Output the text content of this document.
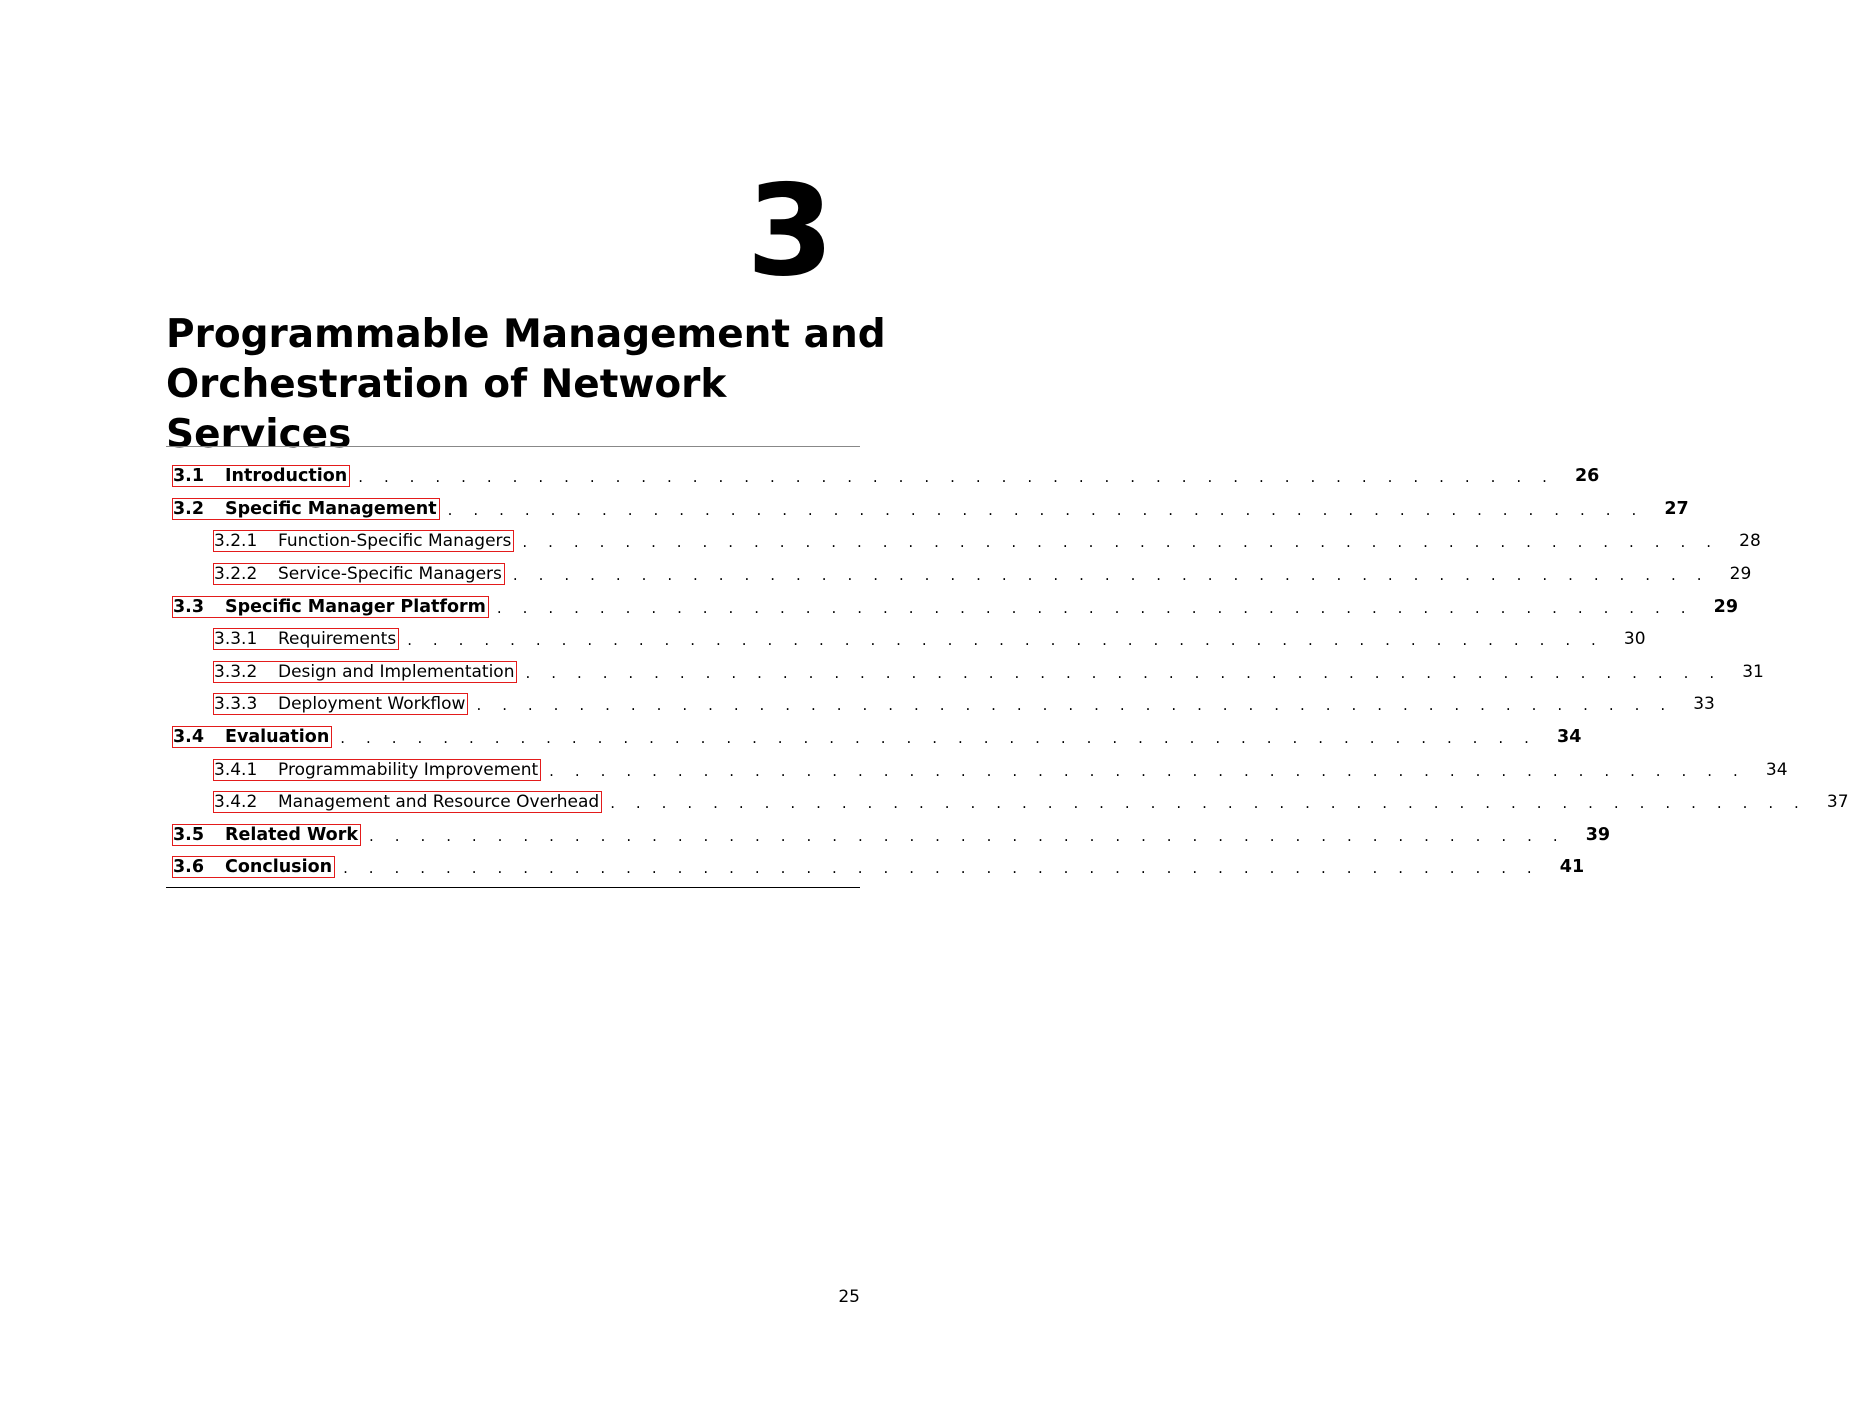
3
Programmable Management and
Orchestration of Network Services
3.1	Introduction . . . . . . . . . . . . . . . . . . . . . . . . . . . . . . . . . . . . . . . . . . . . . . . 26
3.2	Specific Management . . . . . . . . . . . . . . . . . . . . . . . . . . . . . . . . . . . . . . . . . . . . . . . 27
3.2.1	Function-Specific Managers . . . . . . . . . . . . . . . . . . . . . . . . . . . . . . . . . . . . . . . . . . . . . . . 28
3.2.2	Service-Specific Managers . . . . . . . . . . . . . . . . . . . . . . . . . . . . . . . . . . . . . . . . . . . . . . . 29
3.3	Specific Manager Platform . . . . . . . . . . . . . . . . . . . . . . . . . . . . . . . . . . . . . . . . . . . . . . . 29
3.3.1	Requirements . . . . . . . . . . . . . . . . . . . . . . . . . . . . . . . . . . . . . . . . . . . . . . . 30
3.3.2	Design and Implementation . . . . . . . . . . . . . . . . . . . . . . . . . . . . . . . . . . . . . . . . . . . . . . . 31
3.3.3	Deployment Workflow . . . . . . . . . . . . . . . . . . . . . . . . . . . . . . . . . . . . . . . . . . . . . . . 33
3.4	Evaluation . . . . . . . . . . . . . . . . . . . . . . . . . . . . . . . . . . . . . . . . . . . . . . . 34
3.4.1	Programmability Improvement . . . . . . . . . . . . . . . . . . . . . . . . . . . . . . . . . . . . . . . . . . . . . . . 34
3.4.2	Management and Resource Overhead . . . . . . . . . . . . . . . . . . . . . . . . . . . . . . . . . . . . . . . . . . . . . . . 37
3.5	Related Work . . . . . . . . . . . . . . . . . . . . . . . . . . . . . . . . . . . . . . . . . . . . . . . 39
3.6	Conclusion . . . . . . . . . . . . . . . . . . . . . . . . . . . . . . . . . . . . . . . . . . . . . . . 41
25
